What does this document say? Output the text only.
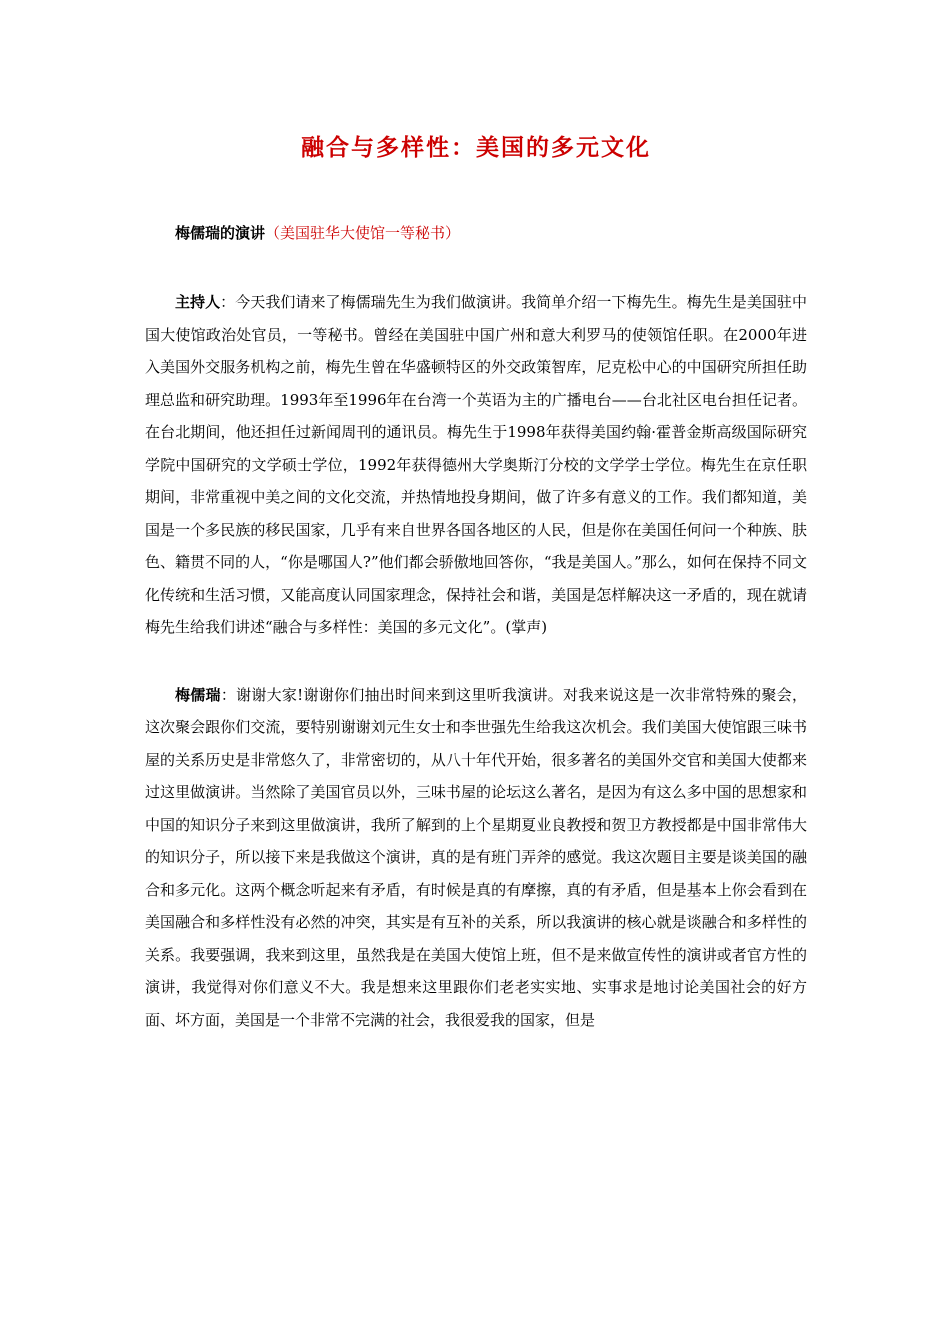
融合与多样性：美国的多元文化

梅儒瑞的演讲（美国驻华大使馆一等秘书）

主持人：今天我们请来了梅儒瑞先生为我们做演讲。我简单介绍一下梅先生。梅先生是美国驻中国大使馆政治处官员，一等秘书。曾经在美国驻中国广州和意大利罗马的使领馆任职。在2000年进入美国外交服务机构之前，梅先生曾在华盛顿特区的外交政策智库，尼克松中心的中国研究所担任助理总监和研究助理。1993年至1996年在台湾一个英语为主的广播电台——台北社区电台担任记者。在台北期间，他还担任过新闻周刊的通讯员。梅先生于1998年获得美国约翰·霍普金斯高级国际研究学院中国研究的文学硕士学位，1992年获得德州大学奥斯汀分校的文学学士学位。梅先生在京任职期间，非常重视中美之间的文化交流，并热情地投身期间，做了许多有意义的工作。我们都知道，美国是一个多民族的移民国家，几乎有来自世界各国各地区的人民，但是你在美国任何问一个种族、肤色、籍贯不同的人，“你是哪国人?”他们都会骄傲地回答你，“我是美国人。”那么，如何在保持不同文化传统和生活习惯，又能高度认同国家理念，保持社会和谐，美国是怎样解决这一矛盾的，现在就请梅先生给我们讲述“融合与多样性：美国的多元文化”。(掌声)

梅儒瑞：谢谢大家!谢谢你们抽出时间来到这里听我演讲。对我来说这是一次非常特殊的聚会，这次聚会跟你们交流，要特别谢谢刘元生女士和李世强先生给我这次机会。我们美国大使馆跟三味书屋的关系历史是非常悠久了，非常密切的，从八十年代开始，很多著名的美国外交官和美国大使都来过这里做演讲。当然除了美国官员以外，三味书屋的论坛这么著名，是因为有这么多中国的思想家和中国的知识分子来到这里做演讲，我所了解到的上个星期夏业良教授和贺卫方教授都是中国非常伟大的知识分子，所以接下来是我做这个演讲，真的是有班门弄斧的感觉。我这次题目主要是谈美国的融合和多元化。这两个概念听起来有矛盾，有时候是真的有摩擦，真的有矛盾，但是基本上你会看到在美国融合和多样性没有必然的冲突，其实是有互补的关系，所以我演讲的核心就是谈融合和多样性的关系。我要强调，我来到这里，虽然我是在美国大使馆上班，但不是来做宣传性的演讲或者官方性的演讲，我觉得对你们意义不大。我是想来这里跟你们老老实实地、实事求是地讨论美国社会的好方面、坏方面，美国是一个非常不完满的社会，我很爱我的国家，但是
